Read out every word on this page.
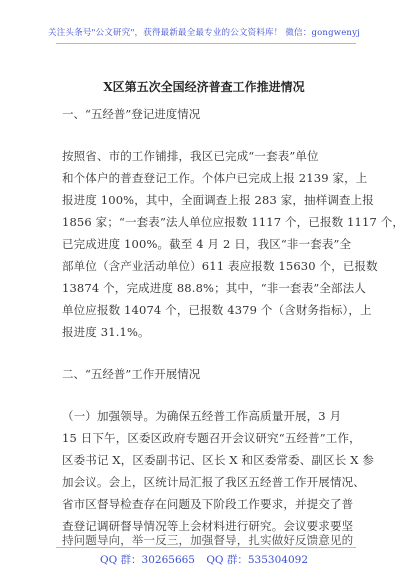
关注头条号"公文研究"，获得最新最全最专业的公文资料库！ 微信：gongwenyj
X区第五次全国经济普查工作推进情况
一、“五经普”登记进度情况
按照省、市的工作铺排，我区已完成“一套表”单位
和个体户的普查登记工作。个体户已完成上报 2139 家，上
报进度 100%，其中，全面调查上报 283 家，抽样调查上报
1856 家；“一套表”法人单位应报数 1117 个，已报数 1117 个，
已完成进度 100%。截至 4 月 2 日，我区“非一套表”全
部单位（含产业活动单位）611 表应报数 15630 个，已报数
13874 个，完成进度 88.8%；其中，“非一套表”全部法人
单位应报数 14074 个，已报数 4379 个（含财务指标），上
报进度 31.1%。
二、“五经普”工作开展情况
（一）加强领导。为确保五经普工作高质量开展，3 月
15 日下午，区委区政府专题召开会议研究“五经普”工作，
区委书记 X，区委副书记、区长 X 和区委常委、副区长 X 参
加会议。会上，区统计局汇报了我区五经普工作开展情况、
省市区督导检查存在问题及下阶段工作要求，并提交了普
查登记调研督导情况等上会材料进行研究。会议要求要坚
持问题导向，举一反三，加强督导，扎实做好反馈意见的
QQ 群：30265665 QQ 群：535304092
